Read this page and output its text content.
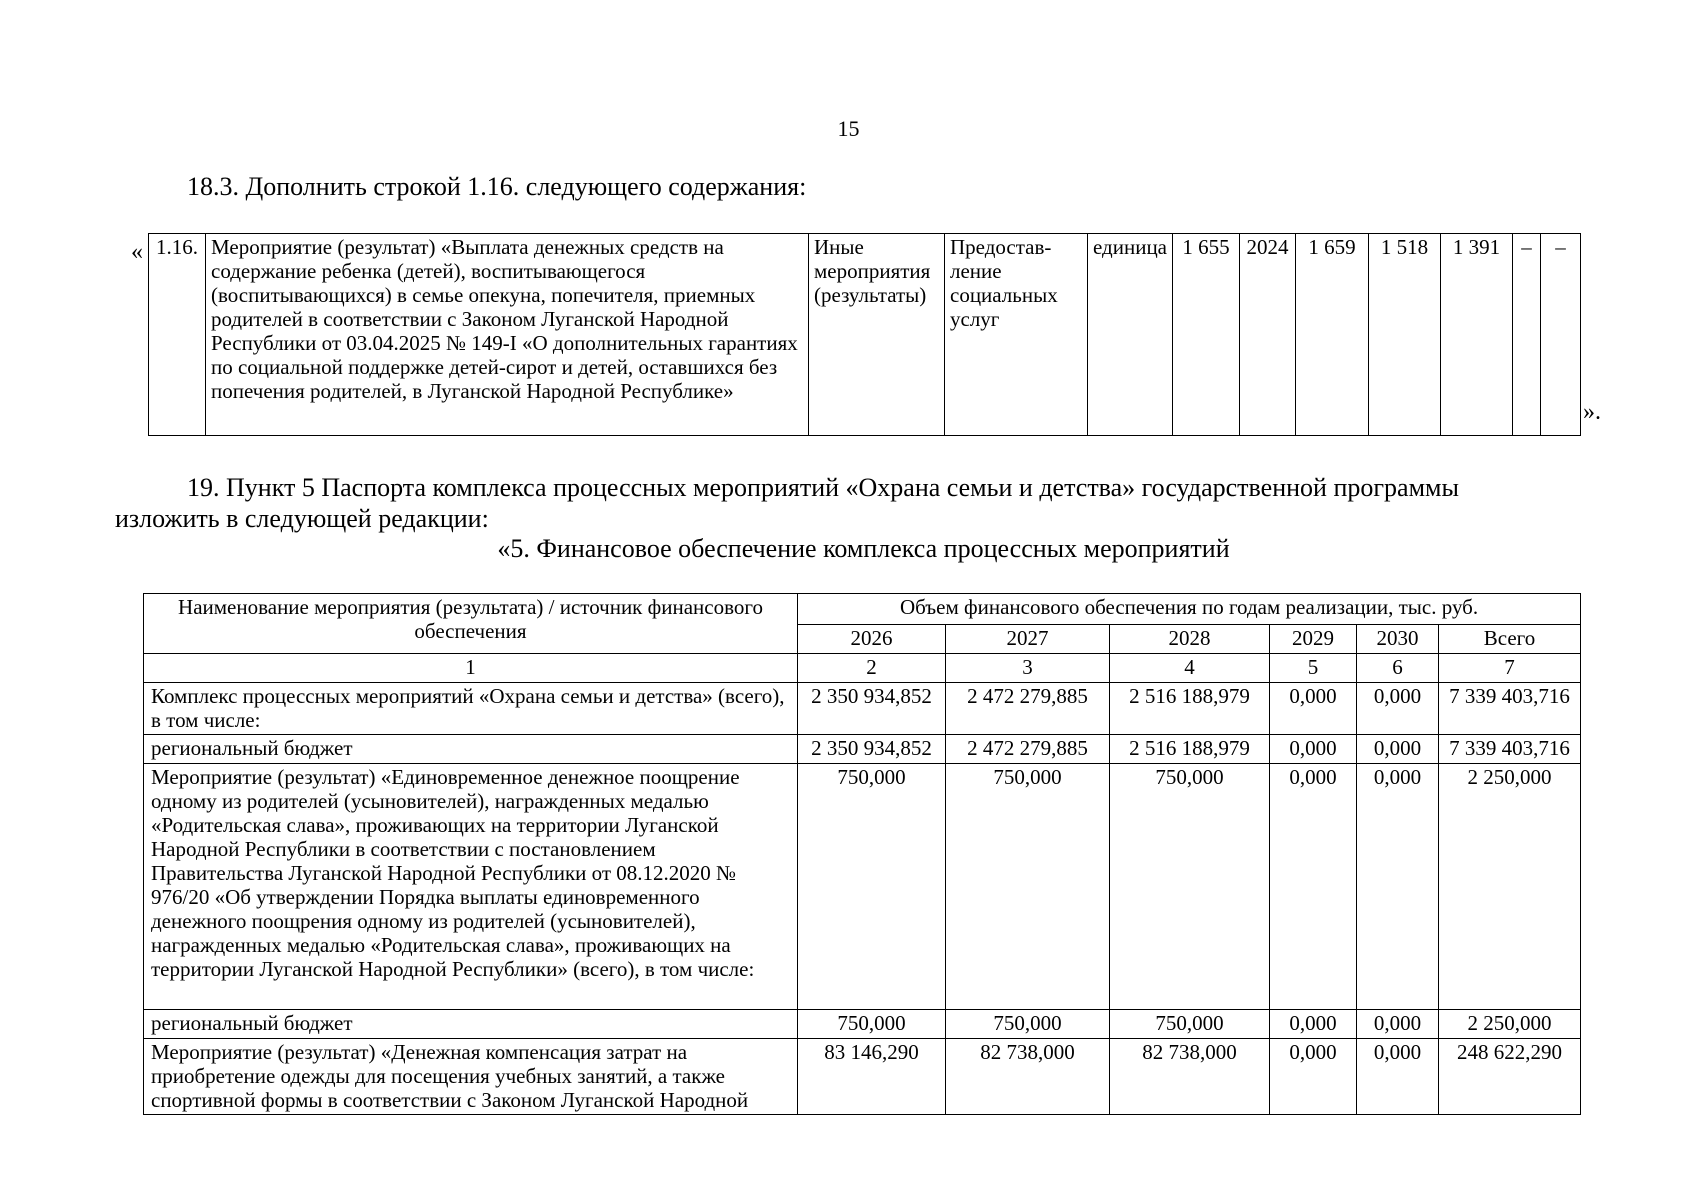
15
18.3. Дополнить строкой 1.16. следующего содержания:
«
».
1.16.	Мероприятие (результат) «Выплата денежных средств на содержание ребенка (детей), воспитывающегося (воспитывающихся) в семье опекуна, попечителя, приемных родителей в соответствии с Законом Луганской Народной Республики от 03.04.2025 № 149-I «О дополнительных гарантиях по социальной поддержке детей-сирот и детей, оставшихся без попечения родителей, в Луганской Народной Республике»	Иные мероприятия (результаты)	Предостав-ление социальных услуг	единица	1 655	2024	1 659	1 518	1 391	–	–
19. Пункт 5 Паспорта комплекса процессных мероприятий «Охрана семьи и детства» государственной программы
изложить в следующей редакции:
«5. Финансовое обеспечение комплекса процессных мероприятий
Наименование мероприятия (результата) / источник финансового обеспечения	Объем финансового обеспечения по годам реализации, тыс. руб.					
	2026	2027	2028	2029	2030	Всего
1	2	3	4	5	6	7
Комплекс процессных мероприятий «Охрана семьи и детства» (всего), в том числе:	2 350 934,852	2 472 279,885	2 516 188,979	0,000	0,000	7 339 403,716
региональный бюджет	2 350 934,852	2 472 279,885	2 516 188,979	0,000	0,000	7 339 403,716
Мероприятие (результат) «Единовременное денежное поощрение одному из родителей (усыновителей), награжденных медалью «Родительская слава», проживающих на территории Луганской Народной Республики в соответствии с постановлением Правительства Луганской Народной Республики от 08.12.2020 № 976/20 «Об утверждении Порядка выплаты единовременного денежного поощрения одному из родителей (усыновителей), награжденных медалью «Родительская слава», проживающих на территории Луганской Народной Республики» (всего), в том числе:	750,000	750,000	750,000	0,000	0,000	2 250,000
региональный бюджет	750,000	750,000	750,000	0,000	0,000	2 250,000
Мероприятие (результат) «Денежная компенсация затрат на приобретение одежды для посещения учебных занятий, а также спортивной формы в соответствии с Законом Луганской Народной	83 146,290	82 738,000	82 738,000	0,000	0,000	248 622,290
